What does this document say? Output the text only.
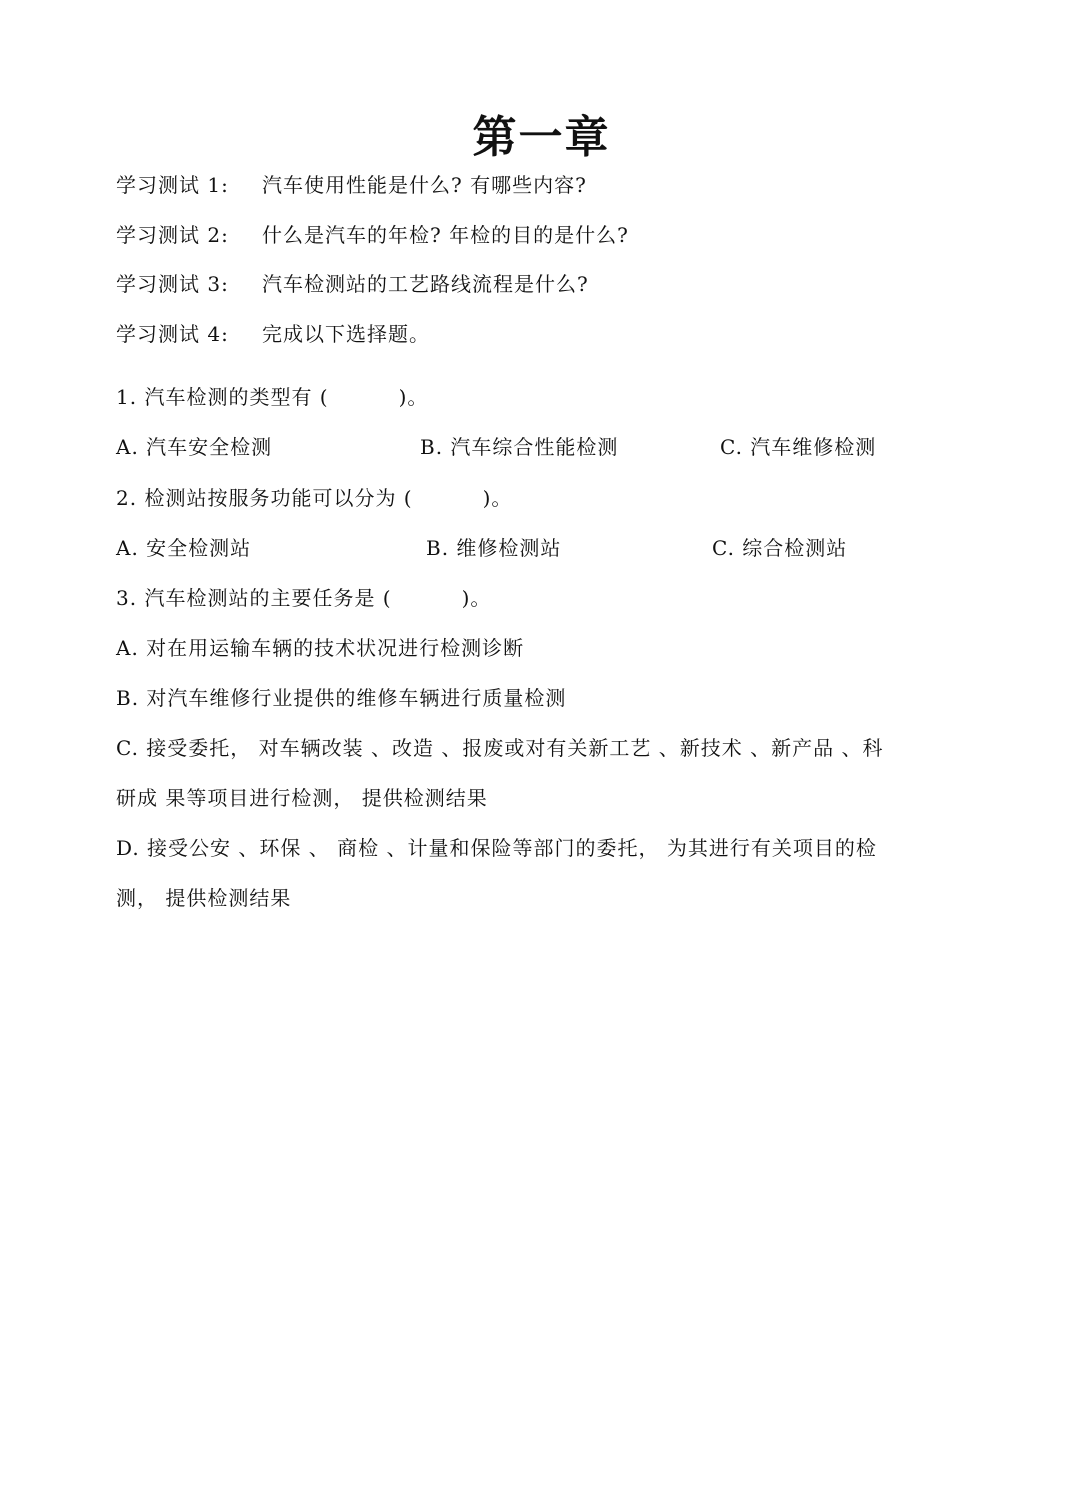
第一章
学习测试 1: 汽车使用性能是什么? 有哪些内容?
学习测试 2: 什么是汽车的年检? 年检的目的是什么?
学习测试 3: 汽车检测站的工艺路线流程是什么?
学习测试 4: 完成以下选择题。
1. 汽车检测的类型有 (	)。
A. 汽车安全检测	B. 汽车综合性能检测	C. 汽车维修检测
2. 检测站按服务功能可以分为 (	)。
A. 安全检测站	B. 维修检测站	C. 综合检测站
3. 汽车检测站的主要任务是 (	)。
A. 对在用运输车辆的技术状况进行检测诊断
B. 对汽车维修行业提供的维修车辆进行质量检测
C. 接受委托， 对车辆改装 、改造 、报废或对有关新工艺 、新技术 、新产品 、科
研成 果等项目进行检测， 提供检测结果
D. 接受公安 、环保 、 商检 、计量和保险等部门的委托， 为其进行有关项目的检
测， 提供检测结果
